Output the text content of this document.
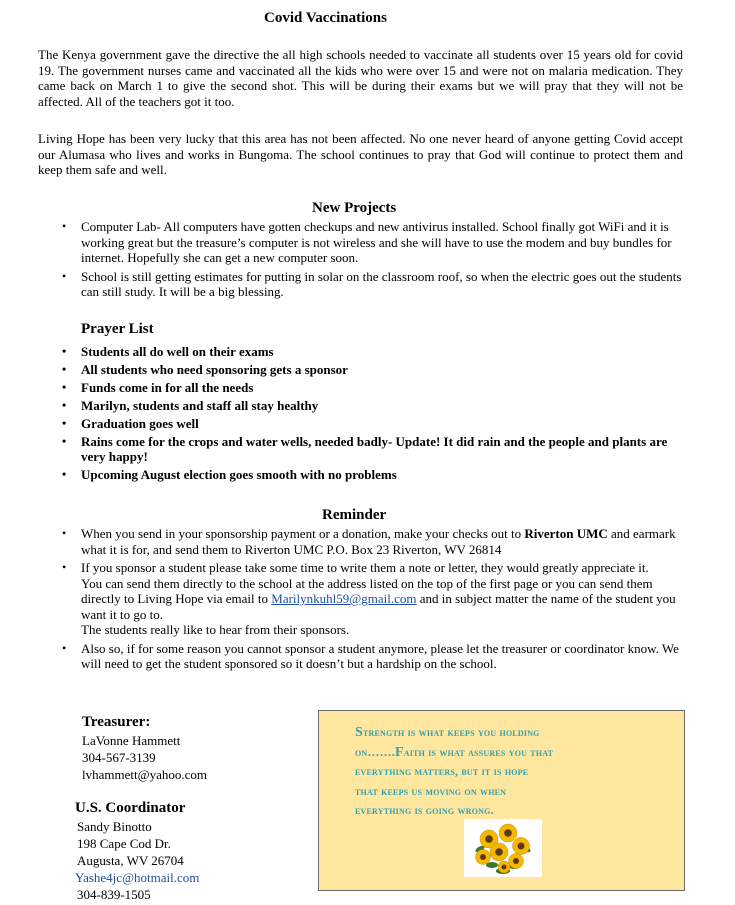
Covid Vaccinations

The Kenya government gave the directive the all high schools needed to vaccinate all students over 15 years old for covid 19. The government nurses came and vaccinated all the kids who were over 15 and were not on malaria medication. They came back on March 1 to give the second shot. This will be during their exams but we will pray that they will not be affected. All of the teachers got it too.

Living Hope has been very lucky that this area has not been affected. No one never heard of anyone getting Covid accept our Alumasa who lives and works in Bungoma. The school continues to pray that God will continue to protect them and keep them safe and well.

New Projects
• Computer Lab- All computers have gotten checkups and new antivirus installed. School finally got WiFi and it is working great but the treasure’s computer is not wireless and she will have to use the modem and buy bundles for internet. Hopefully she can get a new computer soon.
• School is still getting estimates for putting in solar on the classroom roof, so when the electric goes out the students can still study. It will be a big blessing.
Prayer List
• Students all do well on their exams
• All students who need sponsoring gets a sponsor
• Funds come in for all the needs
• Marilyn, students and staff all stay healthy
• Graduation goes well
• Rains come for the crops and water wells, needed badly- Update! It did rain and the people and plants are very happy!
• Upcoming August election goes smooth with no problems
Reminder
• When you send in your sponsorship payment or a donation, make your checks out to Riverton UMC and earmark what it is for, and send them to Riverton UMC P.O. Box 23 Riverton, WV 26814
• If you sponsor a student please take some time to write them a note or letter, they would greatly appreciate it.
You can send them directly to the school at the address listed on the top of the first page or you can send them directly to Living Hope via email to Marilynkuhl59@gmail.com and in subject matter the name of the student you want it to go to.
The students really like to hear from their sponsors.
• Also so, if for some reason you cannot sponsor a student anymore, please let the treasurer or coordinator know. We will need to get the student sponsored so it doesn’t but a hardship on the school.
Treasurer:
LaVonne Hammett
304-567-3139
lvhammett@yahoo.com
U.S. Coordinator
Sandy Binotto
198 Cape Cod Dr.
Augusta, WV 26704
Yashe4jc@hotmail.com
304-839-1505

Strength is what keeps you holding
on…….Faith is what assures you that
everything matters, but it is hope
that keeps us moving on when
everything is going wrong.
